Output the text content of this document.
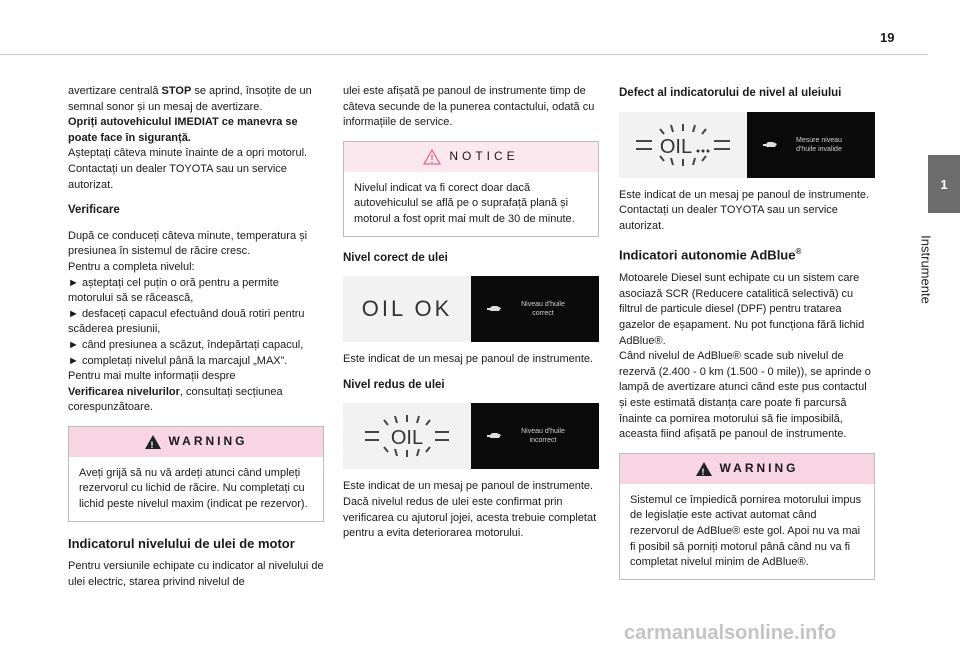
19
1
Instrumente

avertizare centrală STOP se aprind, însoțite de un semnal sonor și un mesaj de avertizare.
Opriți autovehiculul IMEDIAT ce manevra se poate face în siguranță.
Așteptați câteva minute înainte de a opri motorul.
Contactați un dealer TOYOTA sau un service autorizat.

Verificare

După ce conduceți câteva minute, temperatura și presiunea în sistemul de răcire cresc.
Pentru a completa nivelul:
► așteptați cel puțin o oră pentru a permite motorului să se răcească,
► desfaceți capacul efectuând două rotiri pentru scăderea presiunii,
► când presiunea a scăzut, îndepărtați capacul,
► completați nivelul până la marcajul „MAX”.
Pentru mai multe informații despre
Verificarea nivelurilor, consultați secțiunea corespunzătoare.

! WARNING
Aveți grijă să nu vă ardeți atunci când umpleți rezervorul cu lichid de răcire. Nu completați cu lichid peste nivelul maxim (indicat pe rezervor).
Indicatorul nivelului de ulei de motor

Pentru versiunile echipate cu indicator al nivelului de ulei electric, starea privind nivelul de

ulei este afișată pe panoul de instrumente timp de câteva secunde de la punerea contactului, odată cu informațiile de service.

NOTICE
Nivelul indicat va fi corect doar dacă autovehiculul se află pe o suprafață plană și motorul a fost oprit mai mult de 30 de minute.
Nivel corect de ulei
OIL OK	Niveau d'huile correct

Este indicat de un mesaj pe panoul de instrumente.

Nivel redus de ulei
OIL	Niveau d'huile incorrect

Este indicat de un mesaj pe panoul de instrumente.
Dacă nivelul redus de ulei este confirmat prin verificarea cu ajutorul jojei, acesta trebuie completat pentru a evita deteriorarea motorului.

Defect al indicatorului de nivel al uleiului
OIL	Mesure niveau d'huile invalide

Este indicat de un mesaj pe panoul de instrumente. Contactați un dealer TOYOTA sau un service autorizat.

Indicatori autonomie AdBlue®

Motoarele Diesel sunt echipate cu un sistem care asociază SCR (Reducere catalitică selectivă) cu filtrul de particule diesel (DPF) pentru tratarea gazelor de eșapament. Nu pot funcționa fără lichid AdBlue®.
Când nivelul de AdBlue® scade sub nivelul de rezervă (2.400 - 0 km (1.500 - 0 mile)), se aprinde o lampă de avertizare atunci când este pus contactul și este estimată distanța care poate fi parcursă înainte ca pornirea motorului să fie imposibilă, aceasta fiind afișată pe panoul de instrumente.

! WARNING
Sistemul ce împiedică pornirea motorului impus de legislație este activat automat când rezervorul de AdBlue® este gol. Apoi nu va mai fi posibil să porniți motorul până când nu va fi completat nivelul minim de AdBlue®.
carmanualsonline.info
